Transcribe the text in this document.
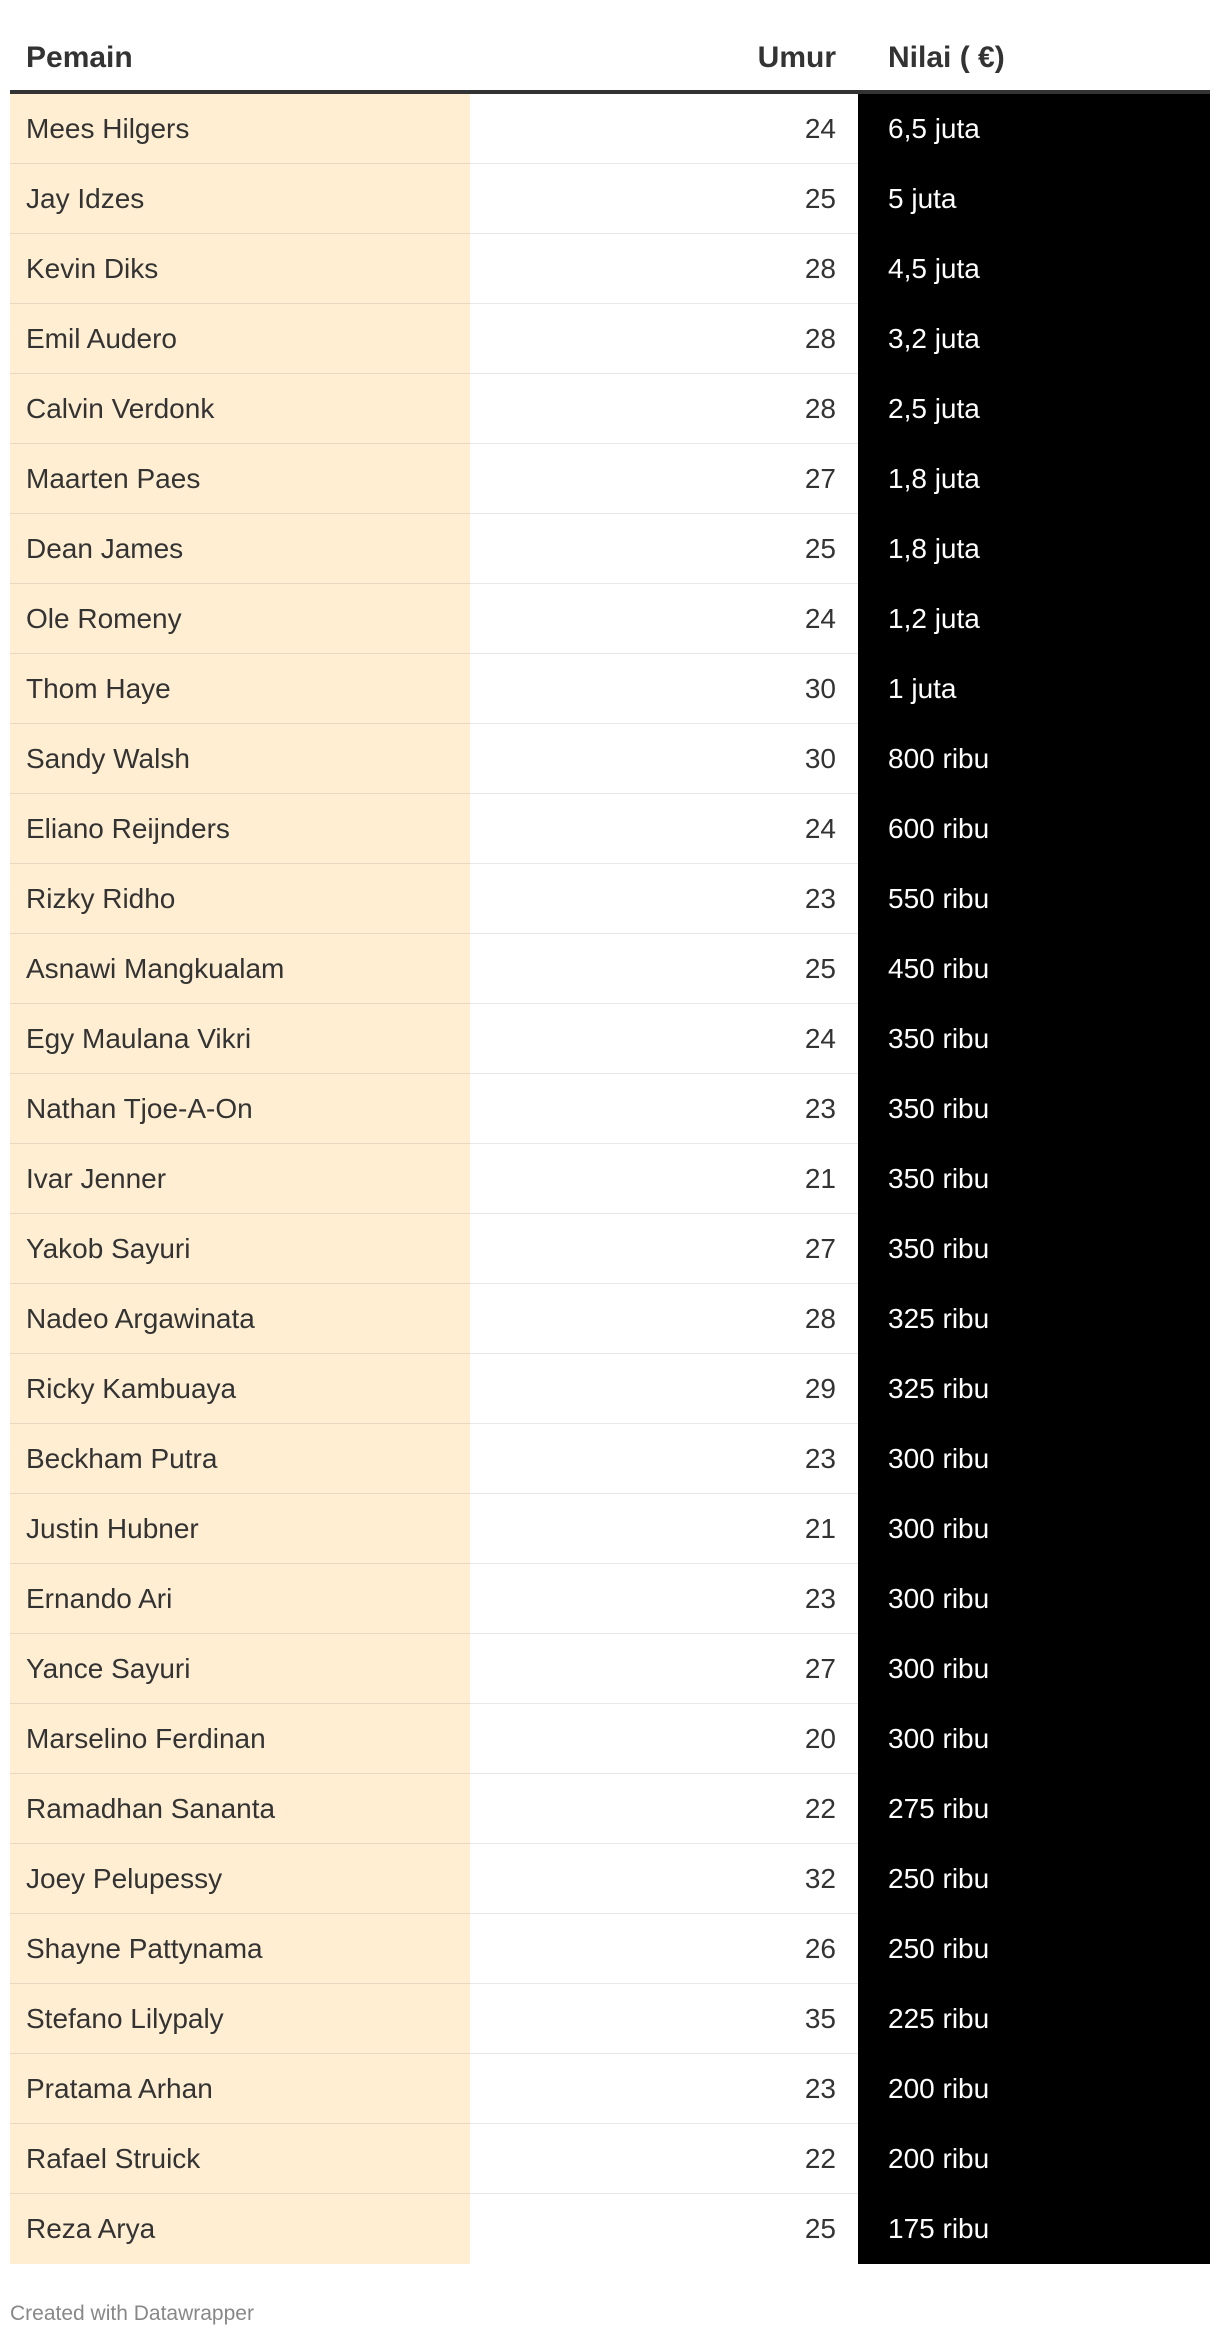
Pemain	Umur Nilai ( €)
Mees Hilgers	24	6,5 juta
Jay Idzes	25	5 juta
Kevin Diks	28	4,5 juta
Emil Audero	28	3,2 juta
Calvin Verdonk	28	2,5 juta
Maarten Paes	27	1,8 juta
Dean James	25	1,8 juta
Ole Romeny	24	1,2 juta
Thom Haye	30	1 juta
Sandy Walsh	30	800 ribu
Eliano Reijnders	24	600 ribu
Rizky Ridho	23	550 ribu
Asnawi Mangkualam	25	450 ribu
Egy Maulana Vikri	24	350 ribu
Nathan Tjoe-A-On	23	350 ribu
Ivar Jenner	21	350 ribu
Yakob Sayuri	27	350 ribu
Nadeo Argawinata	28	325 ribu
Ricky Kambuaya	29	325 ribu
Beckham Putra	23	300 ribu
Justin Hubner	21	300 ribu
Ernando Ari	23	300 ribu
Yance Sayuri	27	300 ribu
Marselino Ferdinan	20	300 ribu
Ramadhan Sananta	22	275 ribu
Joey Pelupessy	32	250 ribu
Shayne Pattynama	26	250 ribu
Stefano Lilypaly	35	225 ribu
Pratama Arhan	23	200 ribu
Rafael Struick	22	200 ribu
Reza Arya	25	175 ribu
Created with Datawrapper
